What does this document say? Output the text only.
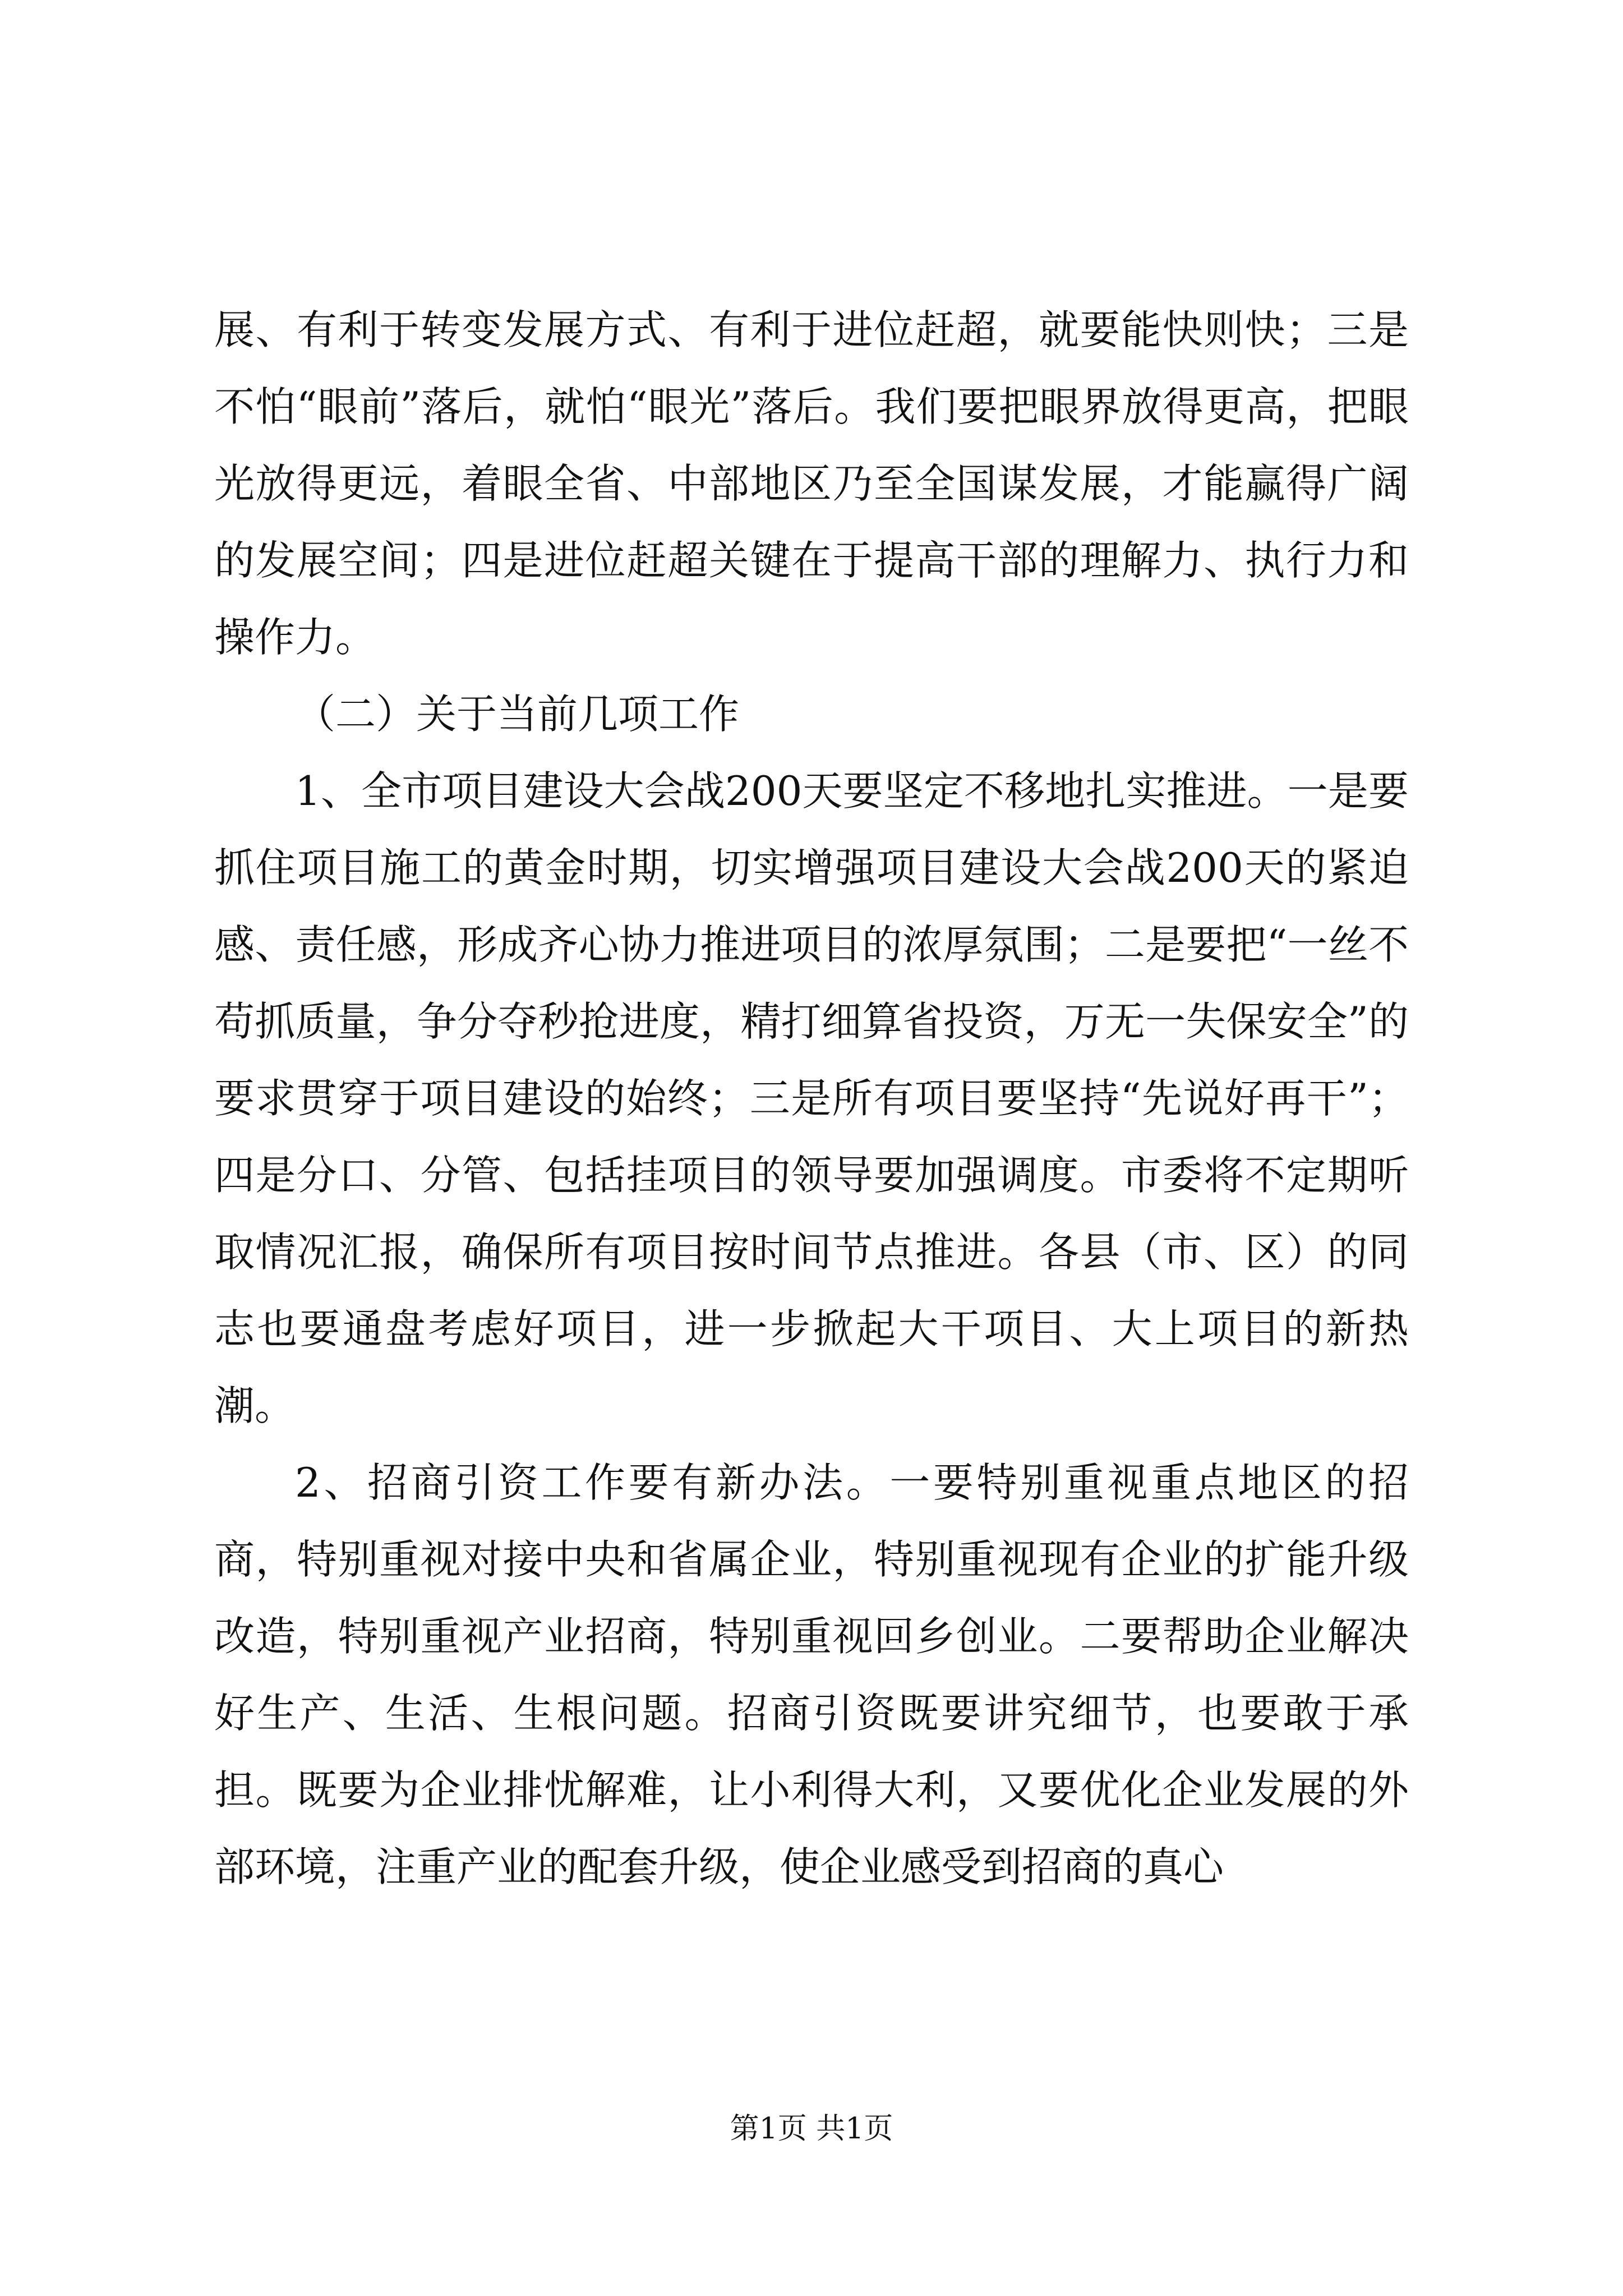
展、有利于转变发展方式、有利于进位赶超，就要能快则快；三是不怕“眼前”落后，就怕“眼光”落后。我们要把眼界放得更高，把眼光放得更远，着眼全省、中部地区乃至全国谋发展，才能赢得广阔的发展空间；四是进位赶超关键在于提高干部的理解力、执行力和操作力。

（二）关于当前几项工作

1、全市项目建设大会战200天要坚定不移地扎实推进。一是要抓住项目施工的黄金时期，切实增强项目建设大会战200天的紧迫感、责任感，形成齐心协力推进项目的浓厚氛围；二是要把“一丝不苟抓质量，争分夺秒抢进度，精打细算省投资，万无一失保安全”的要求贯穿于项目建设的始终；三是所有项目要坚持“先说好再干”；四是分口、分管、包括挂项目的领导要加强调度。市委将不定期听取情况汇报，确保所有项目按时间节点推进。各县（市、区）的同志也要通盘考虑好项目，进一步掀起大干项目、大上项目的新热潮。

2、招商引资工作要有新办法。一要特别重视重点地区的招商，特别重视对接中央和省属企业，特别重视现有企业的扩能升级改造，特别重视产业招商，特别重视回乡创业。二要帮助企业解决好生产、生活、生根问题。招商引资既要讲究细节，也要敢于承担。既要为企业排忧解难，让小利得大利，又要优化企业发展的外部环境，注重产业的配套升级，使企业感受到招商的真心

第1页 共1页
